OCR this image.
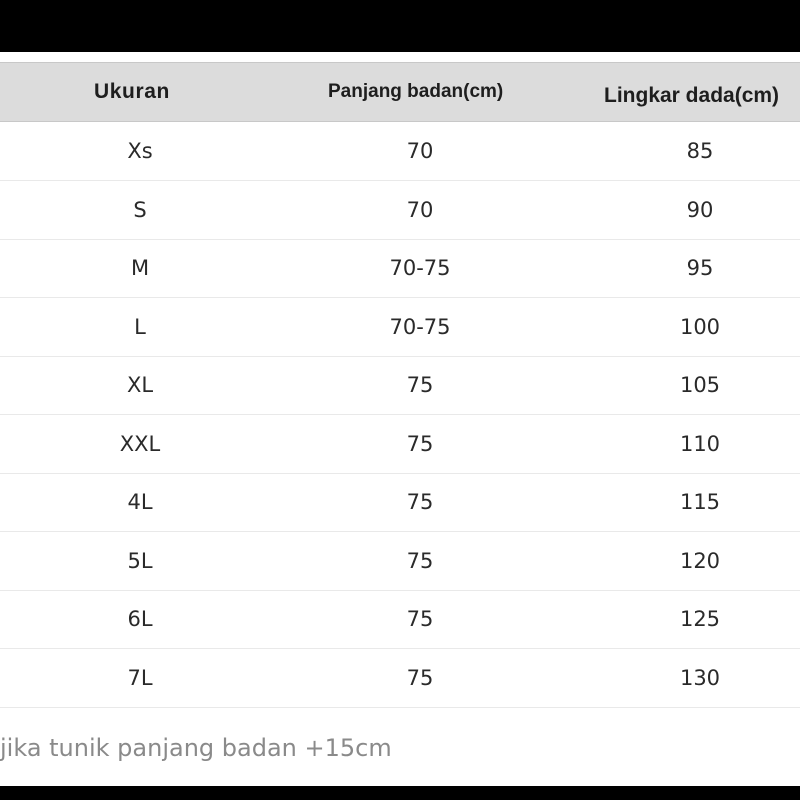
Ukuran	Panjang badan(cm)	Lingkar dada(cm)
Xs	70	85
S	70	90
M	70-75	95
L	70-75	100
XL	75	105
XXL	75	110
4L	75	115
5L	75	120
6L	75	125
7L	75	130
jika tunik panjang badan +15cm
